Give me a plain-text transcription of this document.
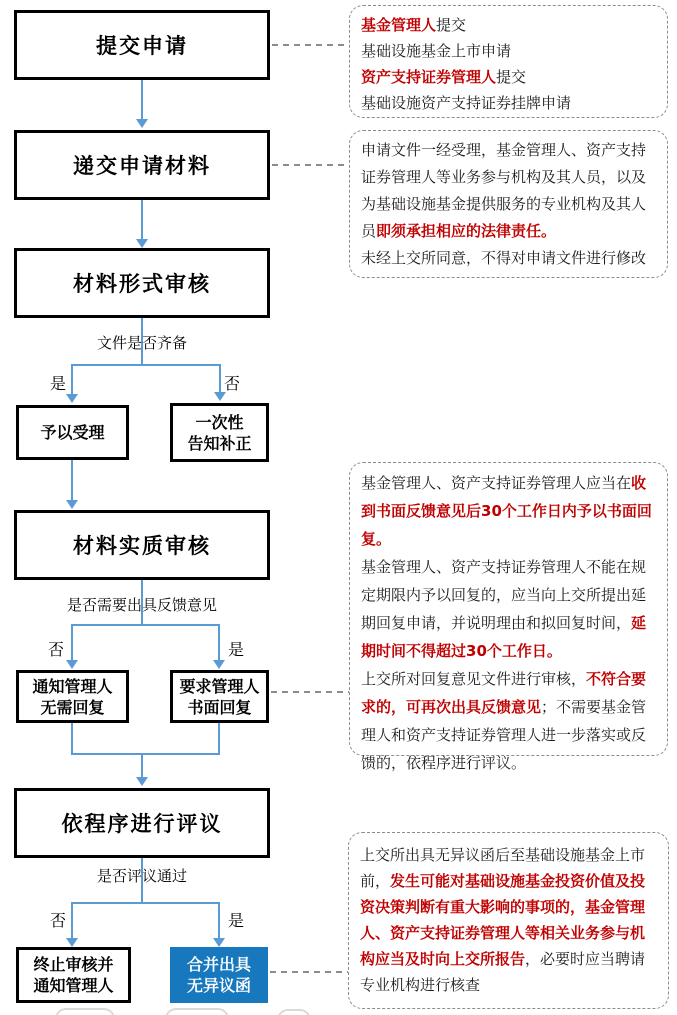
提交申请
递交申请材料
材料形式审核
材料实质审核
依程序进行评议
文件是否齐备
是	否
予以受理
一次性
告知补正
是否需要出具反馈意见
否	是
通知管理人
无需回复
要求管理人
书面回复
是否评议通过
否	是
终止审核并
通知管理人
合并出具
无异议函

基金管理人提交

基础设施基金上市申请

资产支持证券管理人提交

基础设施资产支持证券挂牌申请

申请文件一经受理，基金管理人、资产支持证券管理人等业务参与机构及其人员，以及为基础设施基金提供服务的专业机构及其人员即须承担相应的法律责任。

未经上交所同意，不得对申请文件进行修改

基金管理人、资产支持证券管理人应当在收到书面反馈意见后30个工作日内予以书面回复。

基金管理人、资产支持证券管理人不能在规定期限内予以回复的，应当向上交所提出延期回复申请，并说明理由和拟回复时间，延期时间不得超过30个工作日。

上交所对回复意见文件进行审核，不符合要求的，可再次出具反馈意见；不需要基金管理人和资产支持证券管理人进一步落实或反馈的，依程序进行评议。

上交所出具无异议函后至基础设施基金上市前，发生可能对基础设施基金投资价值及投资决策判断有重大影响的事项的，基金管理人、资产支持证券管理人等相关业务参与机构应当及时向上交所报告，必要时应当聘请专业机构进行核查
